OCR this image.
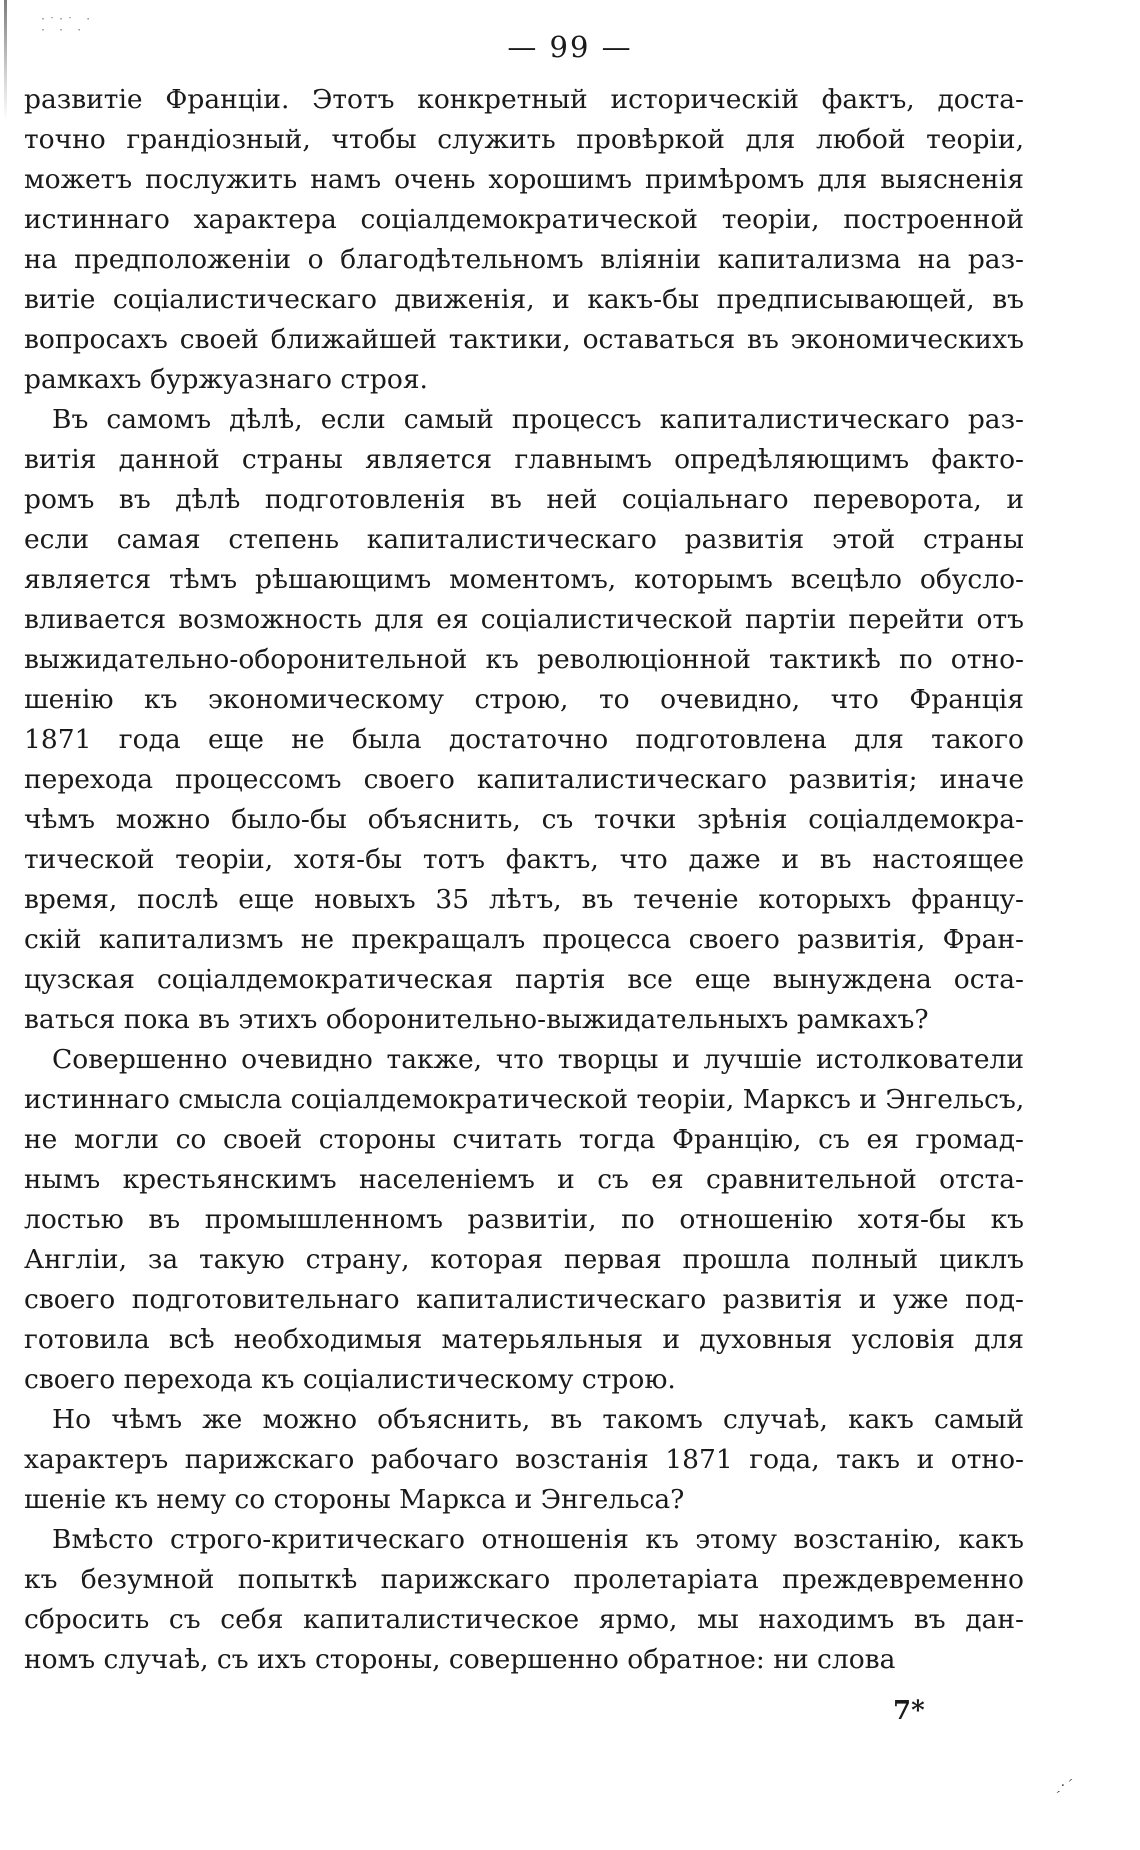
·ˑ·ˑ · · · ·	— 99 —
развитіе Франціи. Этотъ конкретный историческій фактъ, доста-
точно грандіозный, чтобы служить провѣркой для любой теоріи,
можетъ послужить намъ очень хорошимъ примѣромъ для выясненія
истиннаго характера соціалдемократической теоріи, построенной
на предположеніи о благодѣтельномъ вліяніи капитализма на раз-
витіе соціалистическаго движенія, и какъ-бы предписывающей, въ
вопросахъ своей ближайшей тактики, оставаться въ экономическихъ
рамкахъ буржуазнаго строя.
Въ самомъ дѣлѣ, если самый процессъ капиталистическаго раз-
витія данной страны является главнымъ опредѣляющимъ факто-
ромъ въ дѣлѣ подготовленія въ ней соціальнаго переворота, и
если самая степень капиталистическаго развитія этой страны
является тѣмъ рѣшающимъ моментомъ, которымъ всецѣло обусло-
вливается возможность для ея соціалистической партіи перейти отъ
выжидательно-оборонительной къ революціонной тактикѣ по отно-
шенію къ экономическому строю, то очевидно, что Франція
1871 года еще не была достаточно подготовлена для такого
перехода процессомъ своего капиталистическаго развитія; иначе
чѣмъ можно было-бы объяснить, съ точки зрѣнія соціалдемокра-
тической теоріи, хотя-бы тотъ фактъ, что даже и въ настоящее
время, послѣ еще новыхъ 35 лѣтъ, въ теченіе которыхъ францу-
скій капитализмъ не прекращалъ процесса своего развитія, Фран-
цузская соціалдемократическая партія все еще вынуждена оста-
ваться пока въ этихъ оборонительно-выжидательныхъ рамкахъ?
Совершенно очевидно также, что творцы и лучшіе истолкователи
истиннаго смысла соціалдемократической теоріи, Марксъ и Энгельсъ,
не могли со своей стороны считать тогда Францію, съ ея громад-
нымъ крестьянскимъ населеніемъ и съ ея сравнительной отста-
лостью въ промышленномъ развитіи, по отношенію хотя-бы къ
Англіи, за такую страну, которая первая прошла полный циклъ
своего подготовительнаго капиталистическаго развитія и уже под-
готовила всѣ необходимыя матерьяльныя и духовныя условія для
своего перехода къ соціалистическому строю.
Но чѣмъ же можно объяснить, въ такомъ случаѣ, какъ самый
характеръ парижскаго рабочаго возстанія 1871 года, такъ и отно-
шеніе къ нему со стороны Маркса и Энгельса?
Вмѣсто строго-критическаго отношенія къ этому возстанію, какъ
къ безумной попыткѣ парижскаго пролетаріата преждевременно
сбросить съ себя капиталистическое ярмо, мы находимъ въ дан-
номъ случаѣ, съ ихъ стороны, совершенно обратное: ни слова
7*
ˏ·´
